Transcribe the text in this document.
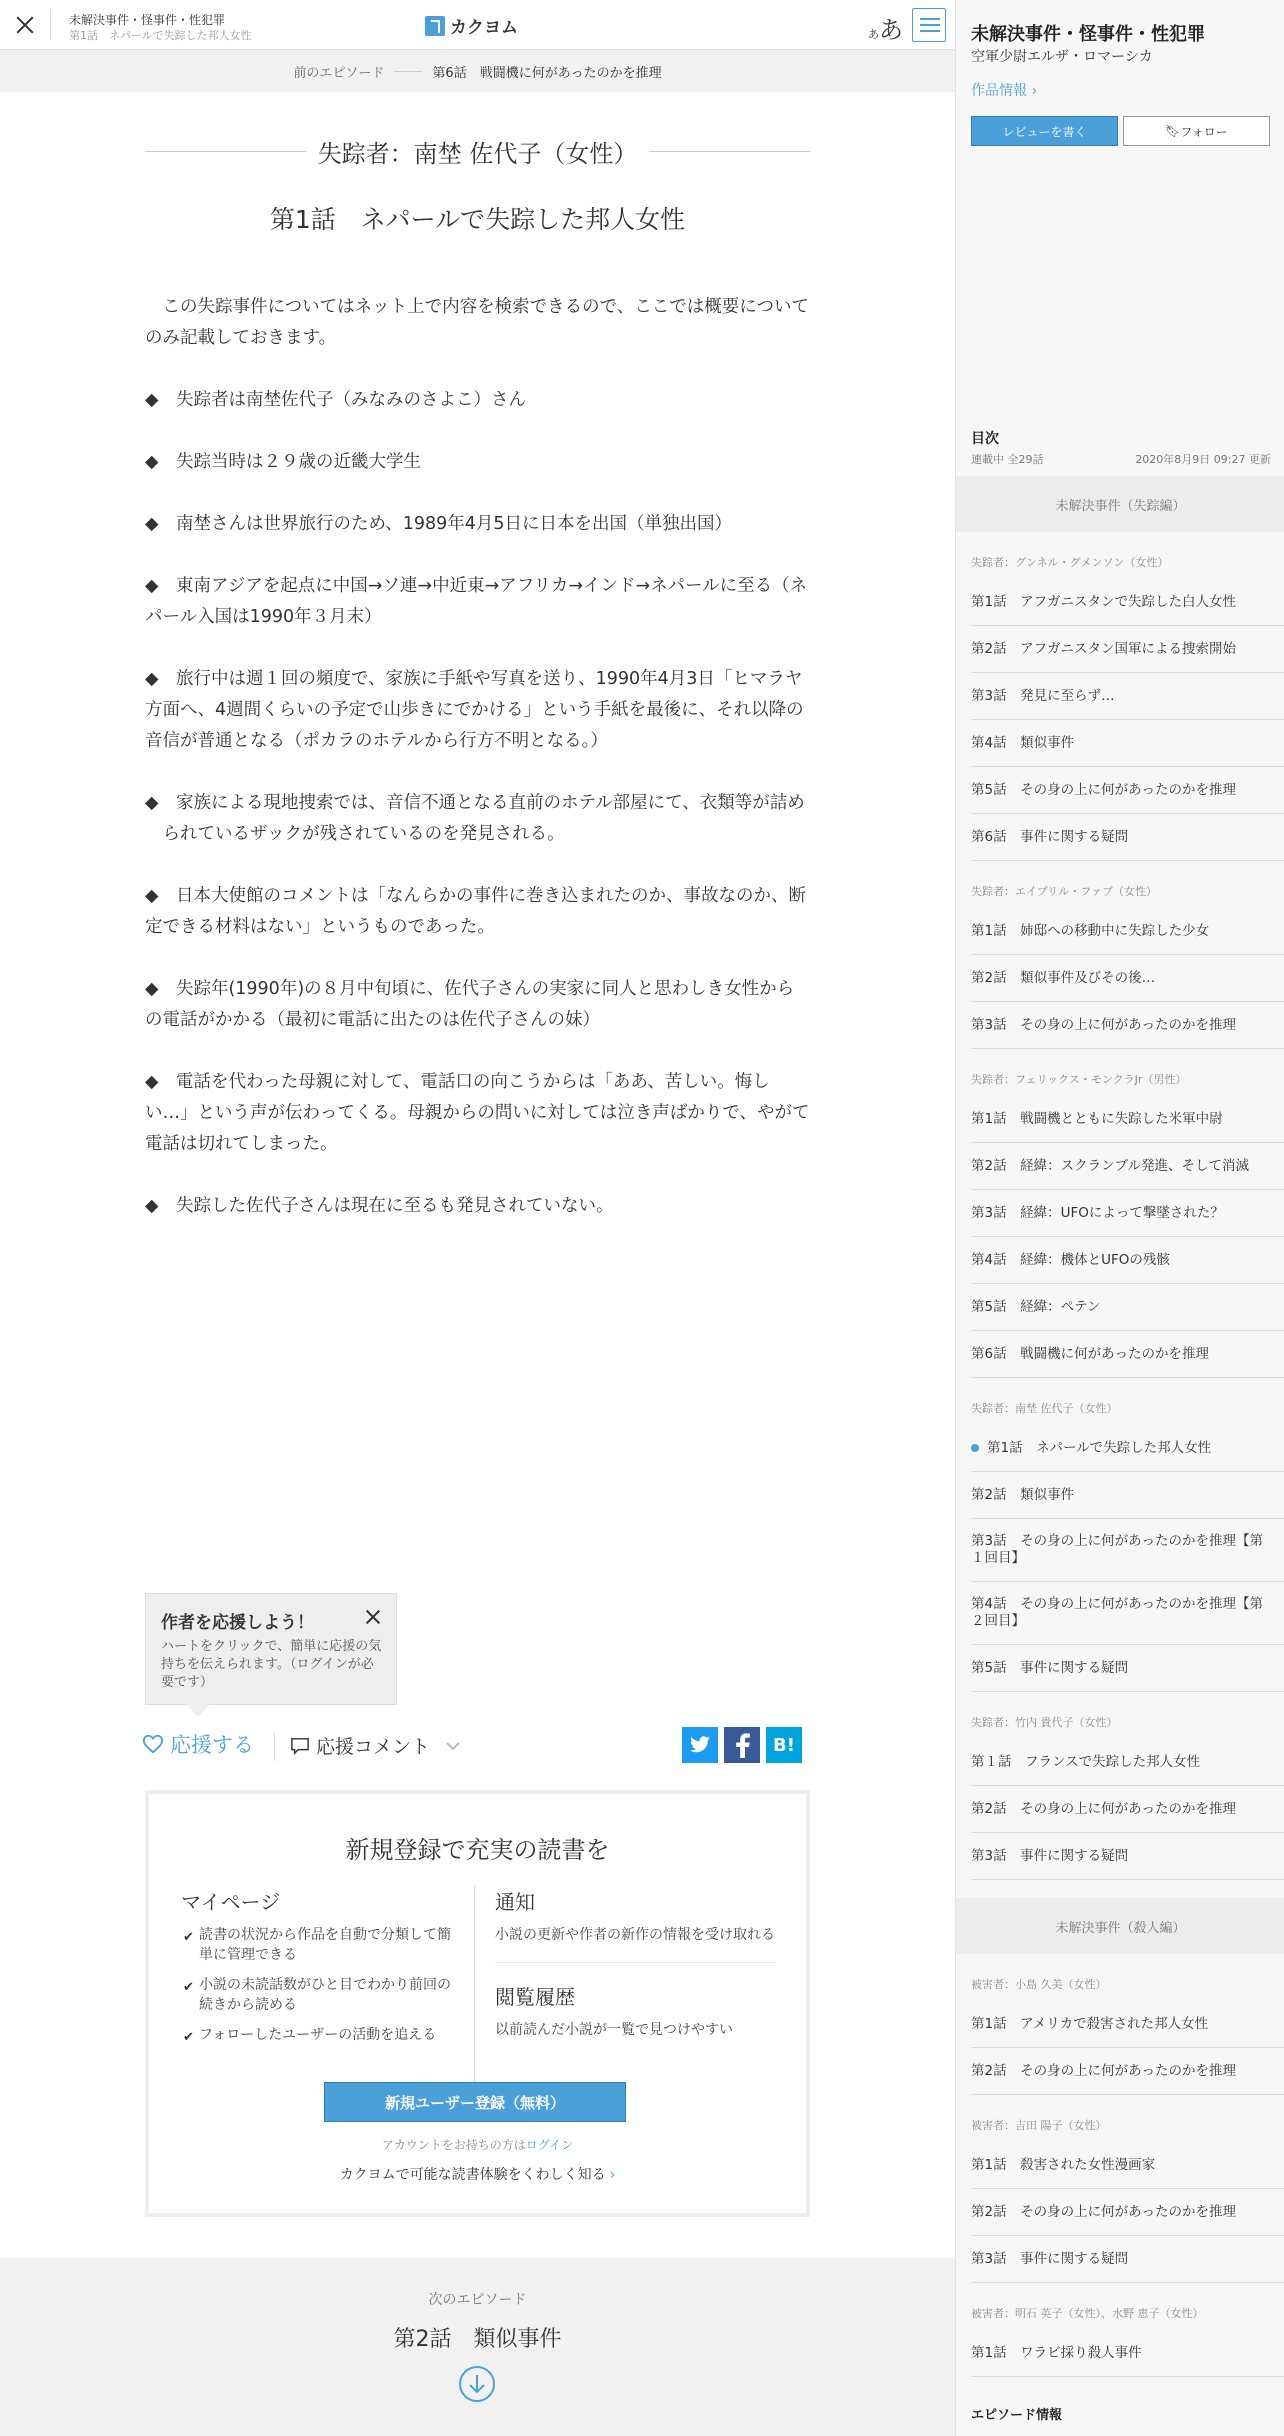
未解決事件・怪事件・性犯罪
第1話　ネパールで失踪した邦人女性	カクヨム	ああ
前のエピソード	第6話　戦闘機に何があったのかを推理
失踪者：南埜 佐代子（女性）
第1話　ネパールで失踪した邦人女性

　この失踪事件についてはネット上で内容を検索できるので、ここでは概要についてのみ記載しておきます。

◆　失踪者は南埜佐代子（みなみのさよこ）さん

◆　失踪当時は２９歳の近畿大学生

◆　南埜さんは世界旅行のため、1989年4月5日に日本を出国（単独出国）

◆　東南アジアを起点に中国→ソ連→中近東→アフリカ→インド→ネパールに至る（ネパール入国は1990年３月末）

◆　旅行中は週１回の頻度で、家族に手紙や写真を送り、1990年4月3日「ヒマラヤ方面へ、4週間くらいの予定で山歩きにでかける」という手紙を最後に、それ以降の音信が普通となる（ポカラのホテルから行方不明となる。）

◆　家族による現地捜索では、音信不通となる直前のホテル部屋にて、衣類等が詰め

　られているザックが残されているのを発見される。

◆　日本大使館のコメントは「なんらかの事件に巻き込まれたのか、事故なのか、断定できる材料はない」というものであった。

◆　失踪年(1990年)の８月中旬頃に、佐代子さんの実家に同人と思わしき女性からの電話がかかる（最初に電話に出たのは佐代子さんの妹）

◆　電話を代わった母親に対して、電話口の向こうからは「ああ、苦しい。悔しい…」という声が伝わってくる。母親からの問いに対しては泣き声ばかりで、やがて電話は切れてしまった。

◆　失踪した佐代子さんは現在に至るも発見されていない。

作者を応援しよう！
ハートをクリックで、簡単に応援の気持ちを伝えられます。（ログインが必要です）
応援する	応援コメント	B!
新規登録で充実の読書を
マイページ
✔ 読書の状況から作品を自動で分類して簡単に管理できる
✔ 小説の未読話数がひと目でわかり前回の続きから読める
✔ フォローしたユーザーの活動を追える
通知
小説の更新や作者の新作の情報を受け取れる
閲覧履歴
以前読んだ小説が一覧で見つけやすい
新規ユーザー登録（無料）
アカウントをお持ちの方はログイン
カクヨムで可能な読書体験をくわしく知る ›
次のエピソード
第2話　類似事件
未解決事件・怪事件・性犯罪
空軍少尉エルザ・ロマーシカ
作品情報 ›
レビューを書く	🔖︎ フォロー
目次
連載中 全29話	2020年8月9日 09:27 更新
未解決事件（失踪編）
失踪者：グンネル・グメンソン（女性）
第1話　アフガニスタンで失踪した白人女性
第2話　アフガニスタン国軍による捜索開始
第3話　発見に至らず…
第4話　類似事件
第5話　その身の上に何があったのかを推理
第6話　事件に関する疑問
失踪者：エイプリル・ファブ（女性）
第1話　姉邸への移動中に失踪した少女
第2話　類似事件及びその後…
第3話　その身の上に何があったのかを推理
失踪者：フェリックス・モンクラJr（男性）
第1話　戦闘機とともに失踪した米軍中尉
第2話　経緯：スクランブル発進、そして消滅
第3話　経緯：UFOによって撃墜された？
第4話　経緯：機体とUFOの残骸
第5話　経緯：ペテン
第6話　戦闘機に何があったのかを推理
失踪者：南埜 佐代子（女性）
第1話　ネパールで失踪した邦人女性
第2話　類似事件
第3話　その身の上に何があったのかを推理【第１回目】
第4話　その身の上に何があったのかを推理【第２回目】
第5話　事件に関する疑問
失踪者：竹内 貴代子（女性）
第１話　フランスで失踪した邦人女性
第2話　その身の上に何があったのかを推理
第3話　事件に関する疑問
未解決事件（殺人編）
被害者：小島 久美（女性）
第1話　アメリカで殺害された邦人女性
第2話　その身の上に何があったのかを推理
被害者：吉田 陽子（女性）
第1話　殺害された女性漫画家
第2話　その身の上に何があったのかを推理
第3話　事件に関する疑問
被害者：明石 英子（女性）、水野 恵子（女性）
第1話　ワラビ採り殺人事件
エピソード情報
